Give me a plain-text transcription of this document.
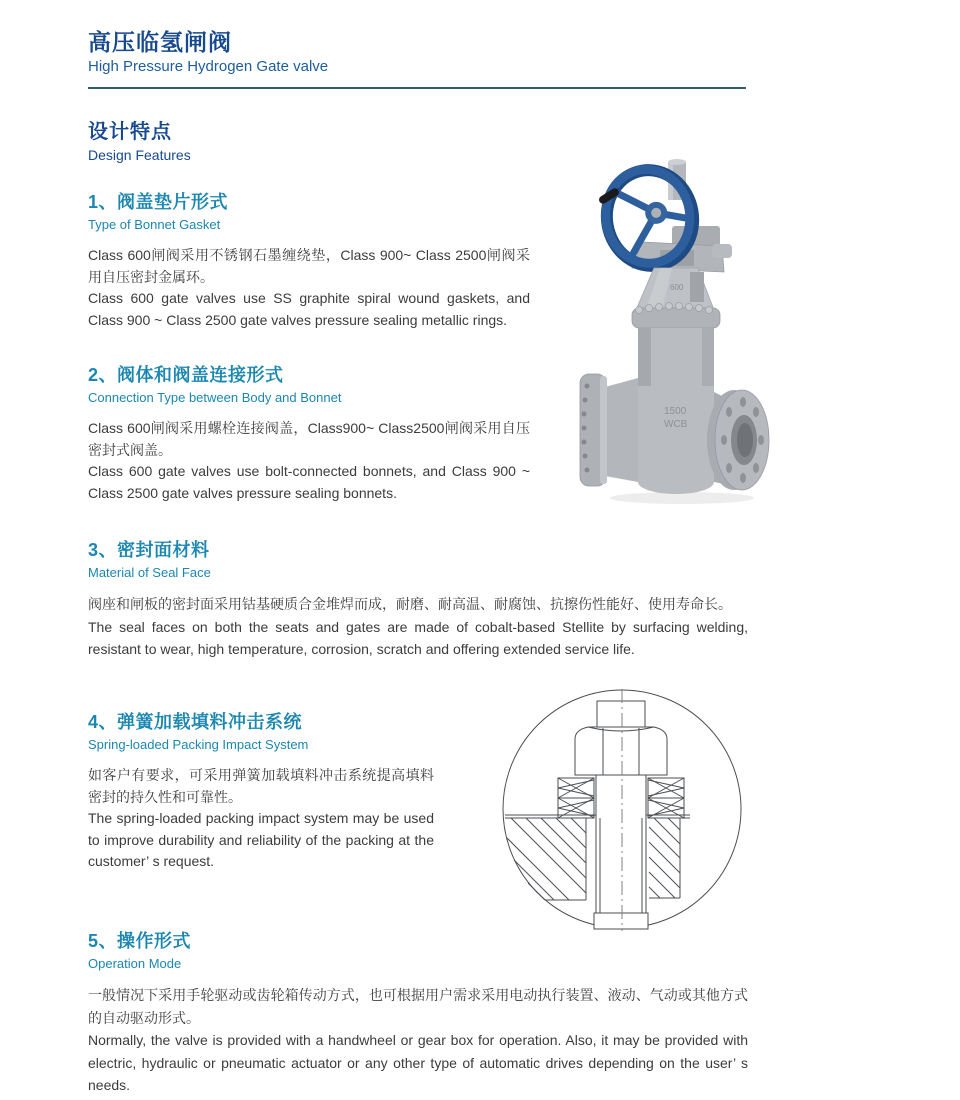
高压临氢闸阀
High Pressure Hydrogen Gate valve
设计特点
Design Features
1、阀盖垫片形式
Type of Bonnet Gasket

Class 600闸阀采用不锈钢石墨缠绕垫，Class 900~ Class 2500闸阀采用自压密封金属环。

Class 600 gate valves use SS graphite spiral wound gaskets, and Class 900 ~ Class 2500 gate valves pressure sealing metallic rings.

2、阀体和阀盖连接形式
Connection Type between Body and Bonnet

Class 600闸阀采用螺栓连接阀盖，Class900~ Class2500闸阀采用自压密封式阀盖。

Class 600 gate valves use bolt-connected bonnets, and Class 900 ~ Class 2500 gate valves pressure sealing bonnets.

3、密封面材料
Material of Seal Face

阀座和闸板的密封面采用钴基硬质合金堆焊而成，耐磨、耐高温、耐腐蚀、抗擦伤性能好、使用寿命长。

The seal faces on both the seats and gates are made of cobalt-based Stellite by surfacing welding, resistant to wear, high temperature, corrosion, scratch and offering extended service life.

4、弹簧加载填料冲击系统
Spring-loaded Packing Impact System

如客户有要求，可采用弹簧加载填料冲击系统提高填料密封的持久性和可靠性。

The spring-loaded packing impact system may be used to improve durability and reliability of the packing at the customer’ s request.

5、操作形式
Operation Mode

一般情况下采用手轮驱动或齿轮箱传动方式，也可根据用户需求采用电动执行装置、液动、气动或其他方式的自动驱动形式。

Normally, the valve is provided with a handwheel or gear box for operation. Also, it may be provided with electric, hydraulic or pneumatic actuator or any other type of automatic drives depending on the user’ s needs.

600
1500
WCB
